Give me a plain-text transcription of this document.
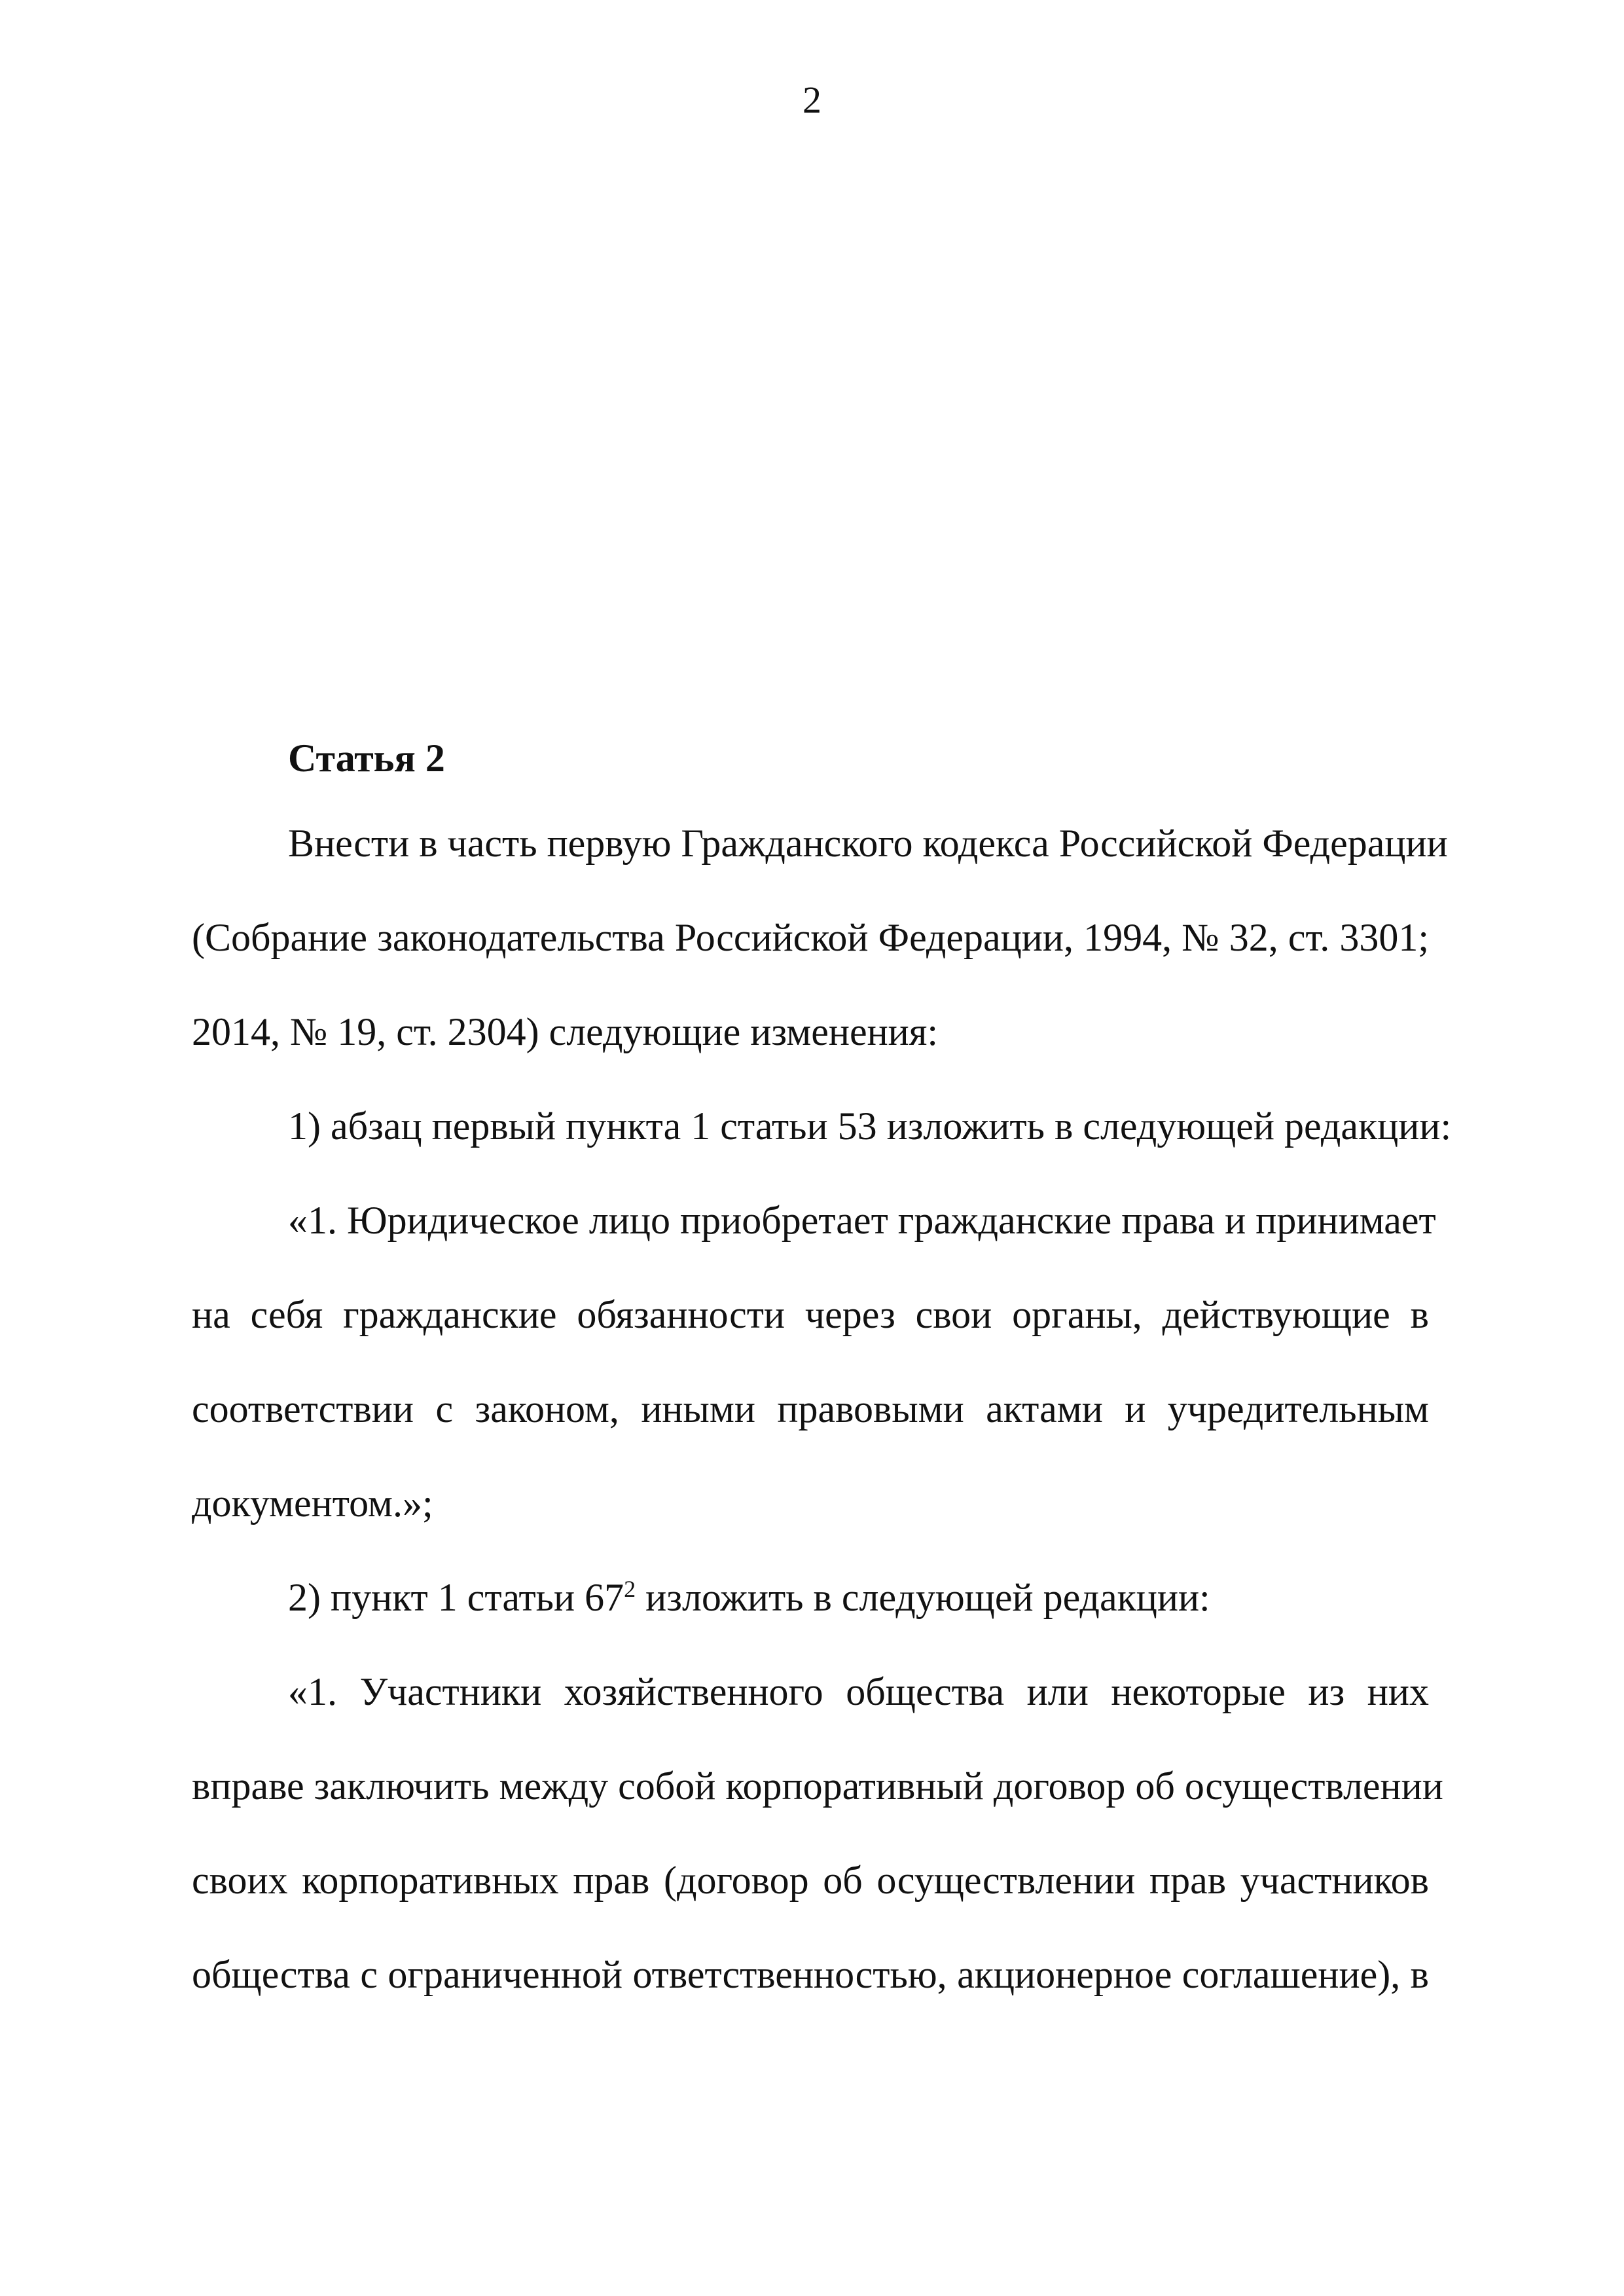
2
Статья 2
Внести в часть первую Гражданского кодекса Российской Федерации
(Собрание законодательства Российской Федерации, 1994, № 32, ст. 3301;
2014, № 19, ст. 2304) следующие изменения:
1) абзац первый пункта 1 статьи 53 изложить в следующей редакции:
«1. Юридическое лицо приобретает гражданские права и принимает
на себя гражданские обязанности через свои органы, действующие в
соответствии с законом, иными правовыми актами и учредительным
документом.»;
2) пункт 1 статьи $67^2$ изложить в следующей редакции:
«1. Участники хозяйственного общества или некоторые из них
вправе заключить между собой корпоративный договор об осуществлении
своих корпоративных прав (договор об осуществлении прав участников
общества с ограниченной ответственностью, акционерное соглашение), в
